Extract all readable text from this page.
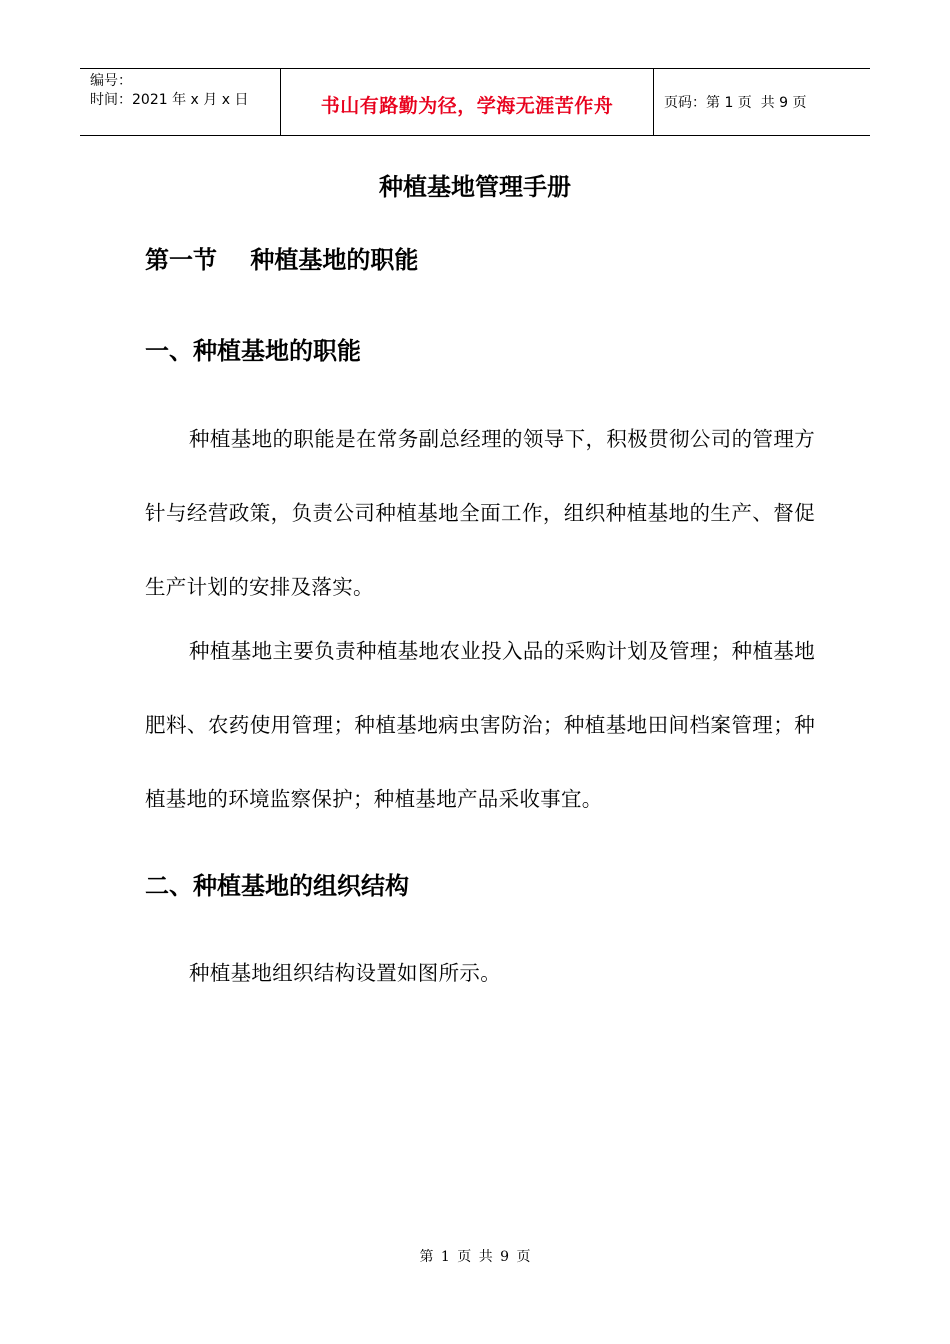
编号：
时间：2021 年 x 月 x 日	书山有路勤为径，学海无涯苦作舟	页码：第 1 页  共 9 页
种植基地管理手册
第一节    种植基地的职能
一、种植基地的职能
种植基地的职能是在常务副总经理的领导下，积极贯彻公司的管理方针与经营政策，负责公司种植基地全面工作，组织种植基地的生产、督促生产计划的安排及落实。
种植基地主要负责种植基地农业投入品的采购计划及管理；种植基地肥料、农药使用管理；种植基地病虫害防治；种植基地田间档案管理；种植基地的环境监察保护；种植基地产品采收事宜。
二、种植基地的组织结构
种植基地组织结构设置如图所示。
第 1 页 共 9 页
